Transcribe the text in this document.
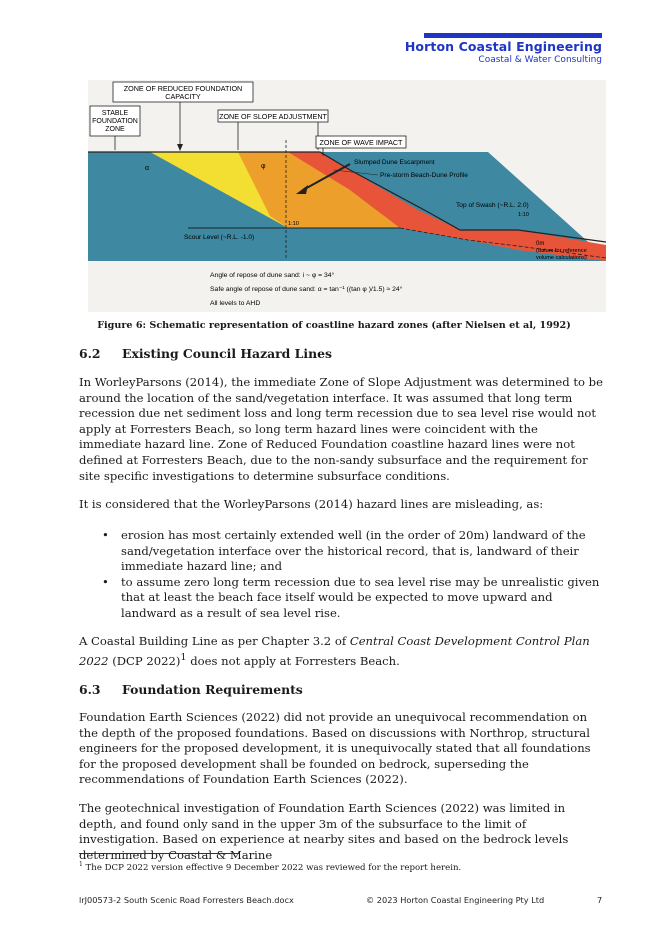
Horton Coastal Engineering
Coastal & Water Consulting
ZONE OF REDUCED FOUNDATION
CAPACITY
STABLE
FOUNDATION
ZONE
ZONE OF SLOPE ADJUSTMENT
ZONE OF WAVE IMPACT
Slumped Dune Escarpment
Pre-storm Beach-Dune Profile
Top of Swash (~R.L. 2.0)
1:10
1:10
Scour Level (~R.L. -1.0)
0m
(datum for reference
volume calculations)
α	φ
Angle of repose of dune sand: i ~ φ = 34°
Safe angle of repose of dune sand: α = tan⁻¹ ((tan φ )/1.5) ≈ 24°
All levels to AHD
Figure 6: Schematic representation of coastline hazard zones (after Nielsen et al, 1992)
6.2 Existing Council Hazard Lines

In WorleyParsons (2014), the immediate Zone of Slope Adjustment was determined to be around the location of the sand/vegetation interface. It was assumed that long term recession due net sediment loss and long term recession due to sea level rise would not apply at Forresters Beach, so long term hazard lines were coincident with the immediate hazard line. Zone of Reduced Foundation coastline hazard lines were not defined at Forresters Beach, due to the non-sandy subsurface and the requirement for site specific investigations to determine subsurface conditions.

It is considered that the WorleyParsons (2014) hazard lines are misleading, as:

• erosion has most certainly extended well (in the order of 20m) landward of the sand/vegetation interface over the historical record, that is, landward of their immediate hazard line; and
• to assume zero long term recession due to sea level rise may be unrealistic given that at least the beach face itself would be expected to move upward and landward as a result of sea level rise.

A Coastal Building Line as per Chapter 3.2 of Central Coast Development Control Plan 2022 (DCP 2022)$^1$ does not apply at Forresters Beach.

6.3 Foundation Requirements

Foundation Earth Sciences (2022) did not provide an unequivocal recommendation on the depth of the proposed foundations. Based on discussions with Northrop, structural engineers for the proposed development, it is unequivocally stated that all foundations for the proposed development shall be founded on bedrock, superseding the recommendations of Foundation Earth Sciences (2022).

The geotechnical investigation of Foundation Earth Sciences (2022) was limited in depth, and found only sand in the upper 3m of the subsurface to the limit of investigation. Based on experience at nearby sites and based on the bedrock levels determined by Coastal & Marine

$^1$ The DCP 2022 version effective 9 December 2022 was reviewed for the report herein.
lrJ00573-2 South Scenic Road Forresters Beach.docx	© 2023 Horton Coastal Engineering Pty Ltd	7
